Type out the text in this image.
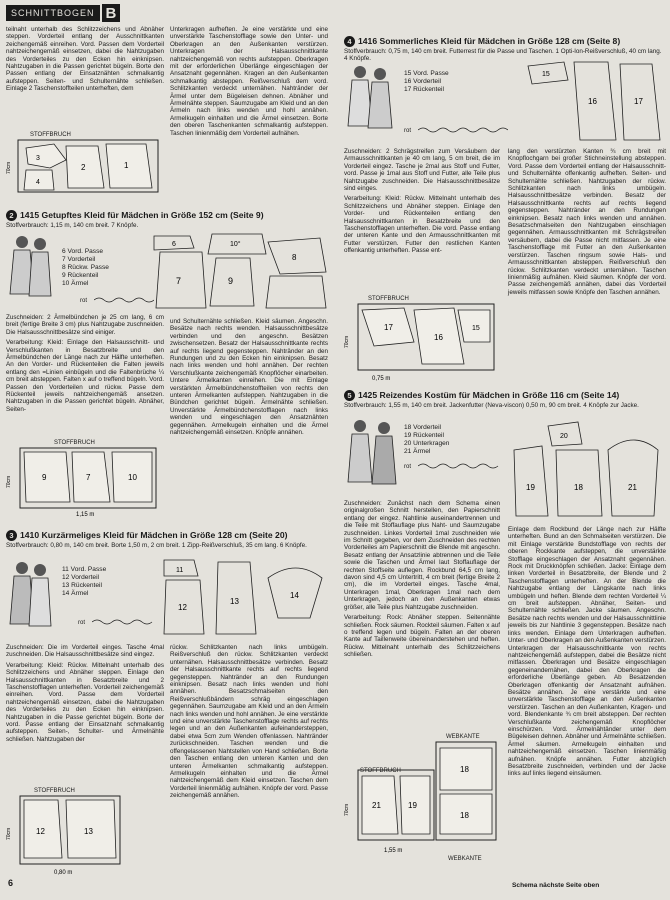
SCHNITTBOGEN B

teilnaht unterhalb des Schlitzzeichens und Abnäher steppen. Vorderteil entlang der Ausschnittkanten zeichengemäß einreihen. Vord. Passen dem Vorderteil nahtzeichengemäß einsetzen, dabei die Nahtzugaben des Vorderteiles zu den Ecken hin einknipsen. Nahtzugaben in die Passen gerichtet bügeln. Borte den Passen entlang der Einsatznähten schmalkantig aufsteppen. Seiten- und Schulternähte schließen. Einlage 2 Taschenstoffteilen unterheften, dem

STOFFBRUCH
3
4
2	1
70cm
2 1415 Getupftes Kleid für Mädchen in Größe 152 cm (Seite 9)
Stoffverbrauch: 1,15 m, 140 cm breit. 7 Knöpfe.
6 Vord. Passe
7 Vorderteil
8 Rückw. Passe
9 Rückenteil
10 Ärmel
6
7
10°
9
8
rot

Zuschneiden: 2 Ärmelbündchen je 25 cm lang, 6 cm breit (fertige Breite 3 cm) plus Nahtzugabe zuschneiden. Die Halsausschnittbesätze sind einiger.

Verarbeitung: Kleid: Einlage den Halsausschnitt- und Verschlußkanten in Besatzbreite und den Ärmelbündchen der Länge nach zur Hälfte unterheften. An den Vorder- und Rückenteilen die Falten jeweils entlang den =Linien einbügeln und die Faltenbrüche ¼ cm breit absteppen. Falten x auf o treffend bügeln. Vord. Passen den Vorderteilen und rückw. Passe dem Rückenteil jeweils nahtzeichengemäß ansetzen. Nahtzugaben in die Passen gerichtet bügeln. Abnäher, Seiten-

STOFFBRUCH
9	7	10
70cm
1,15 m

und Schulternähte schließen. Kleid säumen. Angeschn. Besätze nach rechts wenden. Halsausschnittbesätze verbinden und den angeschn. Besätzen zwischensetzen. Besatz der Halsausschnittkante rechts auf rechts liegend gegensteppen. Nahtränder an den Rundungen und zu den Ecken hin einknipsen. Besatz nach links wenden und hohl annähen. Der rechten Verschlußkante zeichengemäß Knopflöcher einarbeiten. Untere Ärmelkanten einreihen. Die mit Einlage verstärkten Ärmelbündchenstoffteilen von rechts den unteren Ärmelkanten aufsteppen. Nahtzugaben in die Bündchen gerichtet bügeln. Ärmelnähte schließen. Unverstärkte Ärmelbündchenstofflagen nach links wenden und eingeschlagen den Ansatznähten gegennähen. Armelkugeln einhalten und die Ärmel nahtzeichengemäß einsetzen. Knöpfe annähen.

Unterkragen aufheften. Je eine verstärkte und eine unverstärkte Taschenstofflage sowie den Unter- und Oberkragen an den Außenkanten verstürzen. Unterkragen der Halsausschnittkante nahtzeichengemäß von rechts aufsteppen. Oberkragen mit der erforderlichen Überlänge eingeschlagen der Ansatznaht gegennähen. Kragen an den Außenkanten schmalkantig absteppen. Reißverschluß dem vord. Schlitzkanten verdeckt unternähen. Nahtränder der Ärmel unter dem Bügeleisen dehnen. Abnäher und Ärmelnähte steppen. Saumzugabe am Kleid und an den Ärmeln nach links wenden und hohl annähen. Armelkugeln einhalten und die Ärmel einsetzen. Borte den oberen Taschenkanten schmalkantig aufsteppen. Taschen linienmäßig dem Vorderteil aufnähen.

3 1410 Kurzärmeliges Kleid für Mädchen in Größe 128 cm (Seite 20)
Stoffverbrauch: 0,80 m, 140 cm breit. Borte 1,50 m, 2 cm breit. 1 Zipp-Reißverschluß, 35 cm lang. 6 Knöpfe.
11 Vord. Passe
12 Vorderteil
13 Rückenteil
14 Ärmel
11
12
13
14
rot

Zuschneiden: Die im Vorderteil einges. Tasche 4mal zuschneiden. Die Halsausschnittbesätze sind eingez.

Verarbeitung: Kleid: Rückw. Mittelnaht unterhalb des Schlitzzeichens und Abnäher steppen. Einlage den Halsausschnittkanten in Besatzbreite und 2 Taschenstofflagen unterheften. Vorderteil zeichengemäß einreihen. Vord. Passe dem Vorderteil nahtzeichengemäß einsetzen, dabei die Nahtzugaben des Vorderteiles zu den Ecken hin einknipsen. Nahtzugaben in die Passe gerichtet bügeln. Borte der vord. Passe entlang der Einsatznaht schmalkantig aufsteppen. Seiten-, Schulter- und Ärmelnähte schließen. Nahtzugaben der

STOFFBRUCH
12	13
70cm
0,80 m

rückw. Schlitzkanten nach links umbügeln. Reißverschluß den rückw. Schlitzkanten verdeckt unternähen. Halsausschnittbesätze verbinden. Besatz der Halsausschnittkante rechts auf rechts liegend gegensteppen. Nahtränder an den Rundungen einknipsen. Besatz nach links wenden und hohl annähen. Besatzschmalseiten den Reißverschlußbändern schräg eingeschlagen gegennähen. Saumzugabe am Kleid und an den Ärmeln nach links wenden und hohl annähen. Je eine verstärkte und eine unverstärkte Taschenstofflage rechts auf rechts legen und an den Außenkanten aufeinandersteppen, dabei etwa 5cm zum Wenden offenlassen. Nahtränder zurückschneiden. Taschen wenden und die offengelassenen Nahtstellen von Hand schließen. Borte den Taschen entlang den unteren Kanten und den unteren Ärmelkanten schmalkantig aufsteppen. Armelkugeln einhalten und die Ärmel nahtzeichengemäß dem Kleid einsetzen. Taschen dem Vorderteil linienmäßig aufnähen. Knöpfe der vord. Passe zeichengemäß annähen.

4 1416 Sommerliches Kleid für Mädchen in Größe 128 cm (Seite 8)
Stoffverbrauch: 0,75 m, 140 cm breit. Futterrest für die Passe und Taschen. 1 Opti-lon-Reißverschluß, 40 cm lang. 4 Knöpfe.
15 Vord. Passe
16 Vorderteil
17 Rückenteil
15
16	17
rot

Zuschneiden: 2 Schrägstreifen zum Versäubern der Armausschnittkanten je 40 cm lang, 5 cm breit, die im Vorderteil eingez. Tasche je 2mal aus Stoff und Futter, vord. Passe je 1mal aus Stoff und Futter, alle Teile plus Nahtzugabe zuschneiden. Die Halsausschnittbesätze sind einges.

Verarbeitung: Kleid: Rückw. Mittelnaht unterhalb des Schlitzzeichens und Abnäher steppen. Einlage den Vorder- und Rückenteilen entlang den Halsausschnittkanten in Besatzbreite und den Taschenstofflagen unterheften. Die vord. Passe entlang der unteren Kante und den Armausschnittkanten mit Futter verstürzen. Futter den restlichen Kanten offenkantig unterheften. Passe ent-

STOFFBRUCH
17
16
15
70cm
0,75 m

lang den verstürzten Kanten ¾ cm breit mit Knopflochgarn bei großer Stichneinstellung absteppen. Vord. Passe dem Vorderteil entlang der Halsausschnitt- und Schulternähte offenkantig aufheften. Seiten- und Schulternähte schließen. Nahtzugaben der rückw. Schlitzkanten nach links umbügeln. Halsausschnittbesätze verbinden. Besatz der Halsausschnittkante rechts auf rechts liegend gegensteppen. Nahtränder an den Rundungen einknipsen. Besatz nach links wenden und annähen. Besatzschmalseiten den Nahtzugaben einschlagen gegennähen. Armausschnittkanten mit Schrägstreifen versäubern, dabei die Passe nicht mitfassen. Je eine Taschenstofflage mit Futter an den Außenkanten verstürzen. Taschen ringsum sowie Hals- und Armausschnittkanten absteppen. Reißverschluß den rückw. Schlitzkanten verdeckt unternähen. Taschen linienmäßig aufnähen. Kleid säumen. Knöpfe der vord. Passe zeichengemäß annähen, dabei das Vorderteil jeweils mitfassen sowie Knöpfe den Taschen annähen.

5 1425 Reizendes Kostüm für Mädchen in Größe 116 cm (Seite 14)
Stoffverbrauch: 1,55 m, 140 cm breit. Jackenfutter (Neva-viscon) 0,50 m, 90 cm breit. 4 Knöpfe zur Jacke.
18 Vorderteil
19 Rückenteil
20 Unterkragen
21 Ärmel
19
20
18	21
rot

Zuschneiden: Zunächst nach dem Schema einen originalgroßen Schnitt herstellen, den Papierschnitt entlang der eingez. Nahtlinie auseinandertrennen und die Teile mit Stoffauflage plus Naht- und Saumzugabe zuschneiden. Linkes Vorderteil 1mal zuschneiden wie im Schnitt gegeben, vor dem Zuschneiden des rechten Vorderteiles am Papierschnitt die Blende mit angeschn. Besatz entlang der Ansatzlinie abtrennen und die Teile sowie die Taschen und Ärmel laut Stoffauflage der rechten Stoffseite auflegen. Rockbund 64,5 cm lang, davon sind 4,5 cm Untertritt, 4 cm breit (fertige Breite 2 cm), die im Vorderteil einges. Tasche 4mal, Unterkragen 1mal, Oberkragen 1mal nach dem Unterkragen, jedoch an den Außenkanten etwas größer, alle Teile plus Nahtzugabe zuschneiden.

Verarbeitung: Rock: Abnäher steppen. Seitennähte schließen. Rock säumen. Rockteil säumen. Falten x auf o treffend legen und bügeln. Falten an der oberen Kante auf Taillenweite übereinanderstehen und heften. Rückw. Mittelnaht unterhalb des Schlitzzeichens schließen.

WEBKANTE
STOFFBRUCH
21	19
18
18
70cm
1,55 m
WEBKANTE

Einlage dem Rockbund der Länge nach zur Hälfte unterheften. Bund an den Schmalseiten verstürzen. Die mit Einlage verstärkte Bundstofflage von rechts der oberen Rockkante aufsteppen, die unverstärkte Stofflage eingeschlagen der Ansatznaht gegennähen. Rock mit Druckknöpfen schließen. Jacke: Einlage dem linken Vorderteil in Besatzbreite, der Blende und 2 Taschenstofflagen unterheften. An der Blende die Nahtzugabe entlang der Längskante nach links umbügeln und heften. Blende dem rechten Vorderteil ¼ cm breit aufsteppen. Abnäher, Seiten- und Schulternähte schließen. Jacke säumen. Angeschn. Besätze nach rechts wenden und der Halsausschnittlinie jeweils bis zur Nahtlinie 3 gegensteppen. Besätze nach links wenden. Einlage dem Unterkragen aufheften. Unter- und Oberkragen an den Außenkanten verstürzen. Unterkragen der Halsausschnittkante von rechts nahtzeichengemäß aufsteppen, dabei die Besätze nicht mitfassen. Oberkragen und Besätze eingeschlagen gegeneinandernähen, dabei den Oberkragen die erforderliche Überlänge geben. Ab Besatzenden Oberkragen offenkantig der Ansatznaht aufnähen. Besätze annähen. Je eine verstärkte und eine unverstärkte Taschenstofflage an den Außenkanten verstürzen. Taschen an den Außenkanten, Kragen- und vord. Blendenkante ¾ cm breit absteppen. Der rechten Verschlußkante zeichengemäß Knopflöcher einschürzen. Vord. Ärmelnähtänder unter dem Bügeleisen dehnen. Abnäher und Ärmelnähte schließen. Ärmel säumen. Armelkugeln einhalten und nahtzeichengemäß einsetzen. Taschen linienmäßig aufnähen. Knöpfe annähen. Futter abzüglich Besatzbreite zuschneiden, verbinden und der Jacke links auf links liegend einsäumen.

6	Schema nächste Seite oben
